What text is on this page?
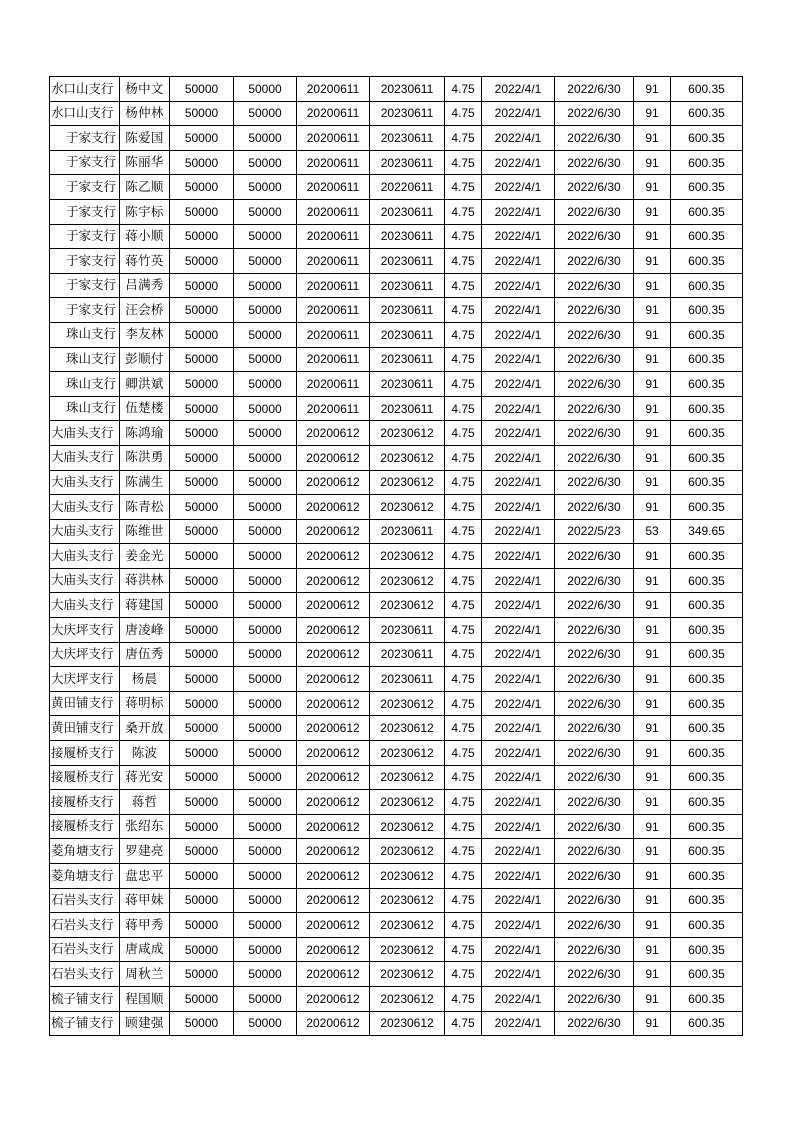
水口山支行	杨中文	50000	50000	20200611	20230611	4.75	2022/4/1	2022/6/30	91	600.35
水口山支行	杨仲林	50000	50000	20200611	20230611	4.75	2022/4/1	2022/6/30	91	600.35
于家支行	陈爱国	50000	50000	20200611	20230611	4.75	2022/4/1	2022/6/30	91	600.35
于家支行	陈丽华	50000	50000	20200611	20230611	4.75	2022/4/1	2022/6/30	91	600.35
于家支行	陈乙顺	50000	50000	20200611	20220611	4.75	2022/4/1	2022/6/30	91	600.35
于家支行	陈宇标	50000	50000	20200611	20230611	4.75	2022/4/1	2022/6/30	91	600.35
于家支行	蒋小顺	50000	50000	20200611	20230611	4.75	2022/4/1	2022/6/30	91	600.35
于家支行	蒋竹英	50000	50000	20200611	20230611	4.75	2022/4/1	2022/6/30	91	600.35
于家支行	吕满秀	50000	50000	20200611	20230611	4.75	2022/4/1	2022/6/30	91	600.35
于家支行	汪会桥	50000	50000	20200611	20230611	4.75	2022/4/1	2022/6/30	91	600.35
珠山支行	李友林	50000	50000	20200611	20230611	4.75	2022/4/1	2022/6/30	91	600.35
珠山支行	彭顺付	50000	50000	20200611	20230611	4.75	2022/4/1	2022/6/30	91	600.35
珠山支行	卿洪斌	50000	50000	20200611	20230611	4.75	2022/4/1	2022/6/30	91	600.35
珠山支行	伍楚楼	50000	50000	20200611	20230611	4.75	2022/4/1	2022/6/30	91	600.35
大庙头支行	陈鸿瑜	50000	50000	20200612	20230612	4.75	2022/4/1	2022/6/30	91	600.35
大庙头支行	陈洪勇	50000	50000	20200612	20230612	4.75	2022/4/1	2022/6/30	91	600.35
大庙头支行	陈满生	50000	50000	20200612	20230612	4.75	2022/4/1	2022/6/30	91	600.35
大庙头支行	陈青松	50000	50000	20200612	20230612	4.75	2022/4/1	2022/6/30	91	600.35
大庙头支行	陈维世	50000	50000	20200612	20230611	4.75	2022/4/1	2022/5/23	53	349.65
大庙头支行	姜金光	50000	50000	20200612	20230612	4.75	2022/4/1	2022/6/30	91	600.35
大庙头支行	蒋洪林	50000	50000	20200612	20230612	4.75	2022/4/1	2022/6/30	91	600.35
大庙头支行	蒋建国	50000	50000	20200612	20230612	4.75	2022/4/1	2022/6/30	91	600.35
大庆坪支行	唐凌峰	50000	50000	20200612	20230611	4.75	2022/4/1	2022/6/30	91	600.35
大庆坪支行	唐伍秀	50000	50000	20200612	20230611	4.75	2022/4/1	2022/6/30	91	600.35
大庆坪支行	杨晨	50000	50000	20200612	20230611	4.75	2022/4/1	2022/6/30	91	600.35
黄田铺支行	蒋明标	50000	50000	20200612	20230612	4.75	2022/4/1	2022/6/30	91	600.35
黄田铺支行	桑开放	50000	50000	20200612	20230612	4.75	2022/4/1	2022/6/30	91	600.35
接履桥支行	陈波	50000	50000	20200612	20230612	4.75	2022/4/1	2022/6/30	91	600.35
接履桥支行	蒋光安	50000	50000	20200612	20230612	4.75	2022/4/1	2022/6/30	91	600.35
接履桥支行	蒋哲	50000	50000	20200612	20230612	4.75	2022/4/1	2022/6/30	91	600.35
接履桥支行	张绍东	50000	50000	20200612	20230612	4.75	2022/4/1	2022/6/30	91	600.35
菱角塘支行	罗建亮	50000	50000	20200612	20230612	4.75	2022/4/1	2022/6/30	91	600.35
菱角塘支行	盘忠平	50000	50000	20200612	20230612	4.75	2022/4/1	2022/6/30	91	600.35
石岩头支行	蒋甲妹	50000	50000	20200612	20230612	4.75	2022/4/1	2022/6/30	91	600.35
石岩头支行	蒋甲秀	50000	50000	20200612	20230612	4.75	2022/4/1	2022/6/30	91	600.35
石岩头支行	唐咸成	50000	50000	20200612	20230612	4.75	2022/4/1	2022/6/30	91	600.35
石岩头支行	周秋兰	50000	50000	20200612	20230612	4.75	2022/4/1	2022/6/30	91	600.35
梳子铺支行	程国顺	50000	50000	20200612	20230612	4.75	2022/4/1	2022/6/30	91	600.35
梳子铺支行	顾建强	50000	50000	20200612	20230612	4.75	2022/4/1	2022/6/30	91	600.35
